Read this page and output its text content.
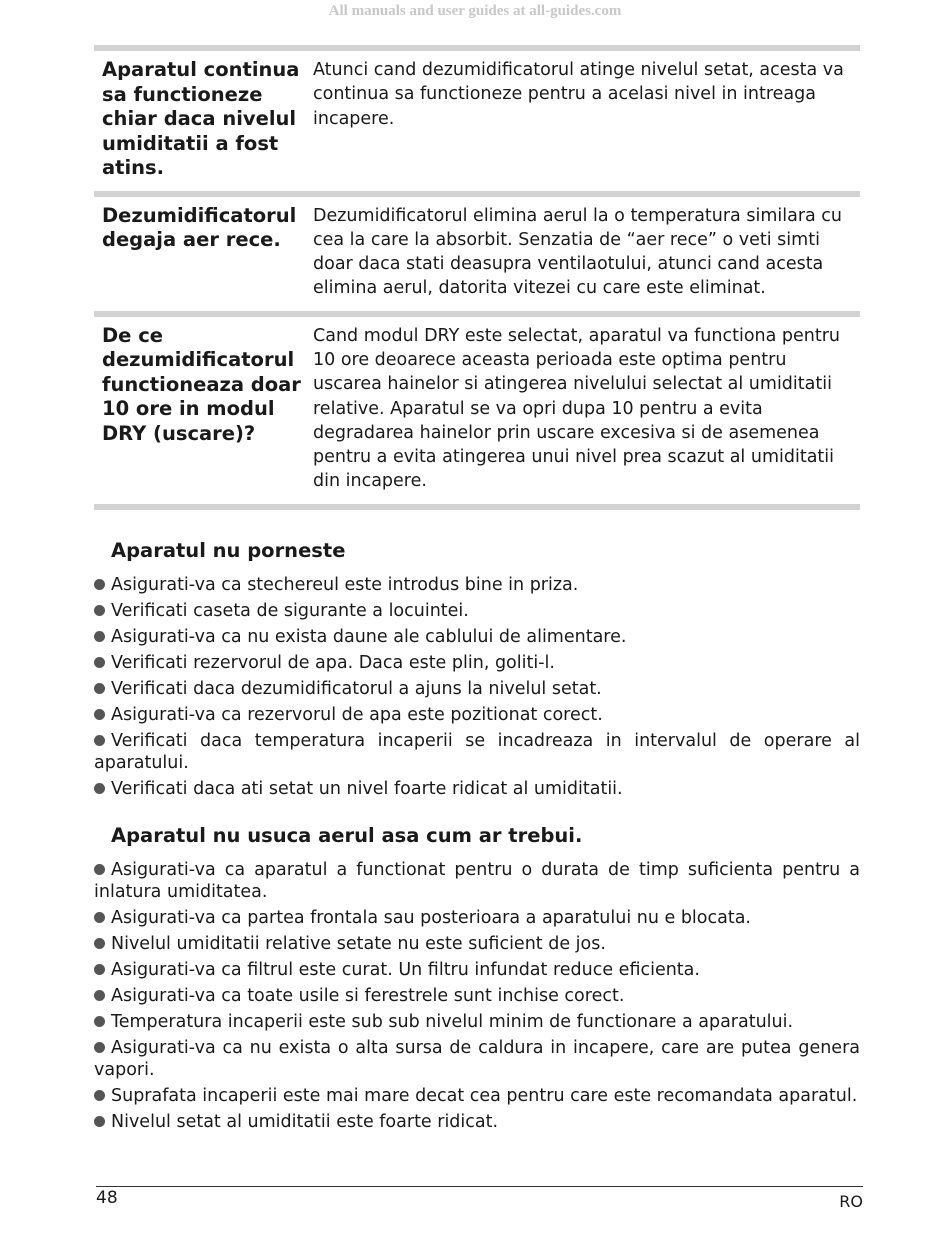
All manuals and user guides at all-guides.com
Aparatul continua sa functioneze chiar daca nivelul umiditatii a fost atins.
Atunci cand dezumidificatorul atinge nivelul setat, acesta va continua sa functioneze pentru a acelasi nivel in intreaga incapere.
Dezumidificatorul degaja aer rece.
Dezumidificatorul elimina aerul la o temperatura similara cu cea la care la absorbit. Senzatia de “aer rece” o veti simti doar daca stati deasupra ventilaotului, atunci cand acesta elimina aerul, datorita vitezei cu care este eliminat.
De ce dezumidificatorul functioneaza doar 10 ore in modul DRY (uscare)?
Cand modul DRY este selectat, aparatul va functiona pentru 10 ore deoarece aceasta perioada este optima pentru uscarea hainelor si atingerea nivelului selectat al umiditatii relative. Aparatul se va opri dupa 10 pentru a evita degradarea hainelor prin uscare excesiva si de asemenea pentru a evita atingerea unui nivel prea scazut al umiditatii din incapere.
Aparatul nu porneste
Asigurati-va ca stechereul este introdus bine in priza.
Verificati caseta de sigurante a locuintei.
Asigurati-va ca nu exista daune ale cablului de alimentare.
Verificati rezervorul de apa. Daca este plin, goliti-l.
Verificati daca dezumidificatorul a ajuns la nivelul setat.
Asigurati-va ca rezervorul de apa este pozitionat corect.
Verificati daca temperatura incaperii se incadreaza in intervalul de operare al aparatului.
Verificati daca ati setat un nivel foarte ridicat al umiditatii.
Aparatul nu usuca aerul asa cum ar trebui.
Asigurati-va ca aparatul a functionat pentru o durata de timp suficienta pentru a inlatura umiditatea.
Asigurati-va ca partea frontala sau posterioara a aparatului nu e blocata.
Nivelul umiditatii relative setate nu este suficient de jos.
Asigurati-va ca filtrul este curat. Un filtru infundat reduce eficienta.
Asigurati-va ca toate usile si ferestrele sunt inchise corect.
Temperatura incaperii este sub sub nivelul minim de functionare a aparatului.
Asigurati-va ca nu exista o alta sursa de caldura in incapere, care are putea genera vapori.
Suprafata incaperii este mai mare decat cea pentru care este recomandata aparatul.
Nivelul setat al umiditatii este foarte ridicat.
48	RO
